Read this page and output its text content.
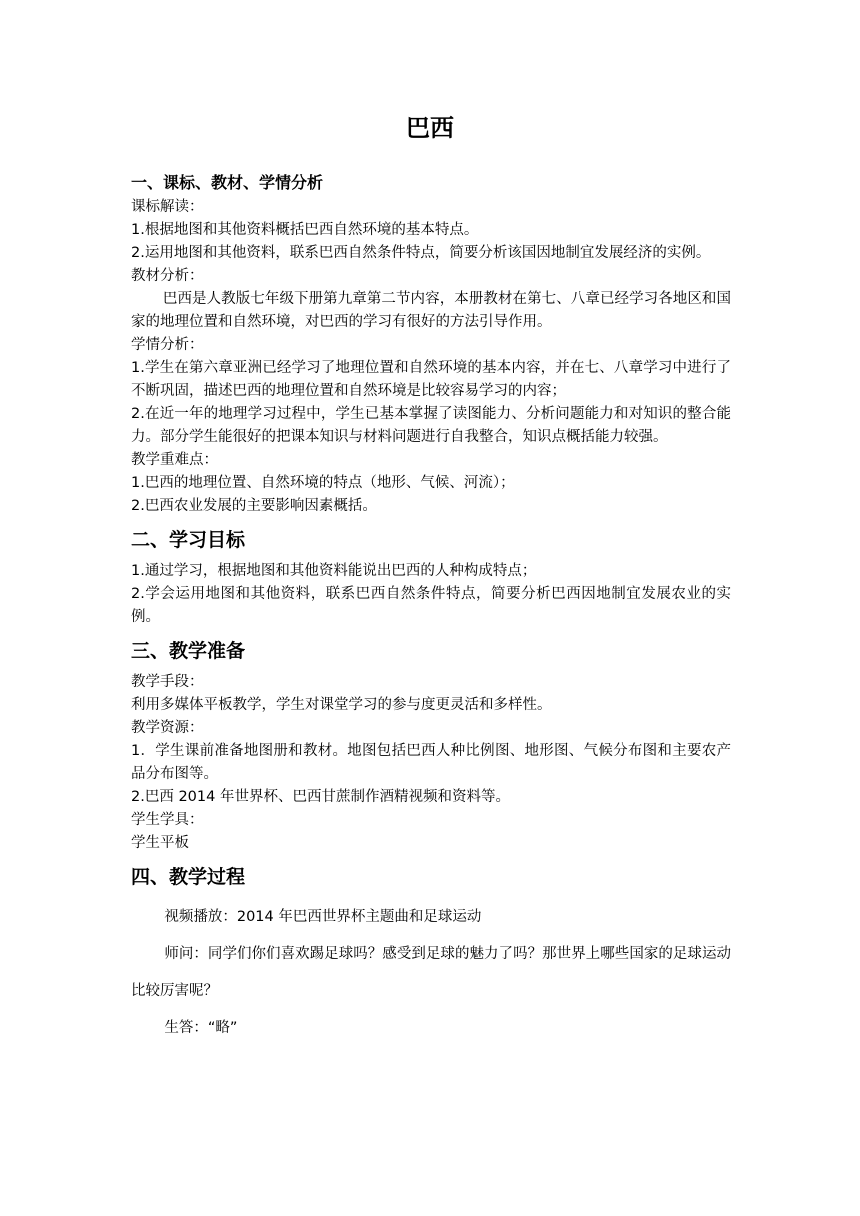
巴西
一、课标、教材、学情分析
课标解读：
1.根据地图和其他资料概括巴西自然环境的基本特点。
2.运用地图和其他资料，联系巴西自然条件特点，简要分析该国因地制宜发展经济的实例。
教材分析：
巴西是人教版七年级下册第九章第二节内容，本册教材在第七、八章已经学习各地区和国家的地理位置和自然环境，对巴西的学习有很好的方法引导作用。
学情分析：
1.学生在第六章亚洲已经学习了地理位置和自然环境的基本内容，并在七、八章学习中进行了不断巩固，描述巴西的地理位置和自然环境是比较容易学习的内容；
2.在近一年的地理学习过程中，学生已基本掌握了读图能力、分析问题能力和对知识的整合能力。部分学生能很好的把课本知识与材料问题进行自我整合，知识点概括能力较强。
教学重难点：
1.巴西的地理位置、自然环境的特点（地形、气候、河流）；
2.巴西农业发展的主要影响因素概括。
二、学习目标
1.通过学习，根据地图和其他资料能说出巴西的人种构成特点；
2.学会运用地图和其他资料，联系巴西自然条件特点，简要分析巴西因地制宜发展农业的实例。
三、教学准备
教学手段：
利用多媒体平板教学，学生对课堂学习的参与度更灵活和多样性。
教学资源：
1．学生课前准备地图册和教材。地图包括巴西人种比例图、地形图、气候分布图和主要农产品分布图等。
2.巴西 2014 年世界杯、巴西甘蔗制作酒精视频和资料等。
学生学具：
学生平板
四、教学过程
视频播放：2014 年巴西世界杯主题曲和足球运动
师问：同学们你们喜欢踢足球吗？感受到足球的魅力了吗？那世界上哪些国家的足球运动比较厉害呢？
生答：“略”
